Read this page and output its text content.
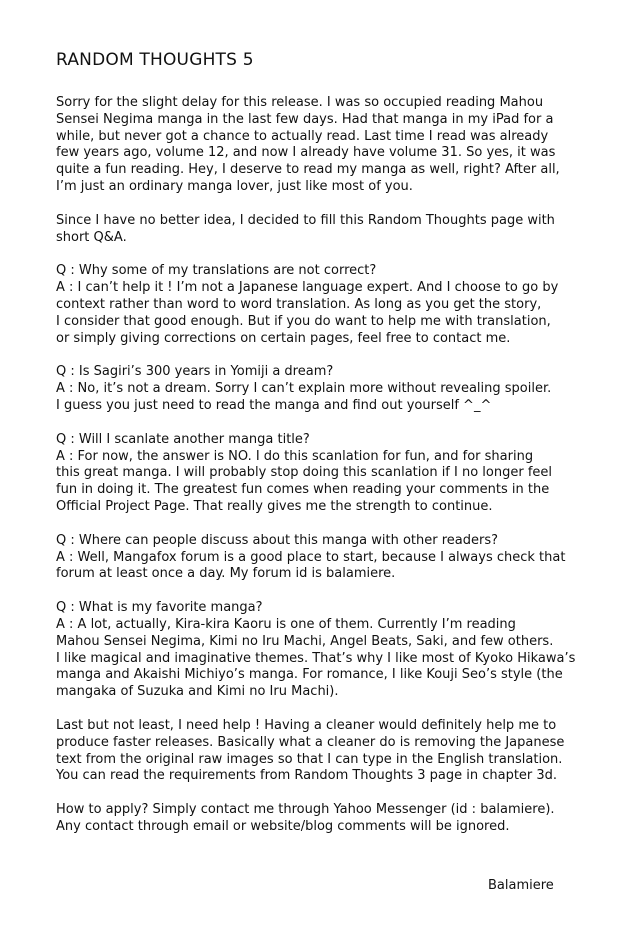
RANDOM THOUGHTS 5

Sorry for the slight delay for this release. I was so occupied reading Mahou
Sensei Negima manga in the last few days. Had that manga in my iPad for a
while, but never got a chance to actually read. Last time I read was already
few years ago, volume 12, and now I already have volume 31. So yes, it was
quite a fun reading. Hey, I deserve to read my manga as well, right? After all,
I’m just an ordinary manga lover, just like most of you.

Since I have no better idea, I decided to fill this Random Thoughts page with
short Q&A.

Q : Why some of my translations are not correct?

A : I can’t help it ! I’m not a Japanese language expert. And I choose to go by
context rather than word to word translation. As long as you get the story,
I consider that good enough. But if you do want to help me with translation,
or simply giving corrections on certain pages, feel free to contact me.

Q : Is Sagiri’s 300 years in Yomiji a dream?

A : No, it’s not a dream. Sorry I can’t explain more without revealing spoiler.
I guess you just need to read the manga and find out yourself ^_^

Q : Will I scanlate another manga title?

A : For now, the answer is NO. I do this scanlation for fun, and for sharing
this great manga. I will probably stop doing this scanlation if I no longer feel
fun in doing it. The greatest fun comes when reading your comments in the
Official Project Page. That really gives me the strength to continue.

Q : Where can people discuss about this manga with other readers?

A : Well, Mangafox forum is a good place to start, because I always check that
forum at least once a day. My forum id is balamiere.

Q : What is my favorite manga?

A : A lot, actually, Kira-kira Kaoru is one of them. Currently I’m reading
Mahou Sensei Negima, Kimi no Iru Machi, Angel Beats, Saki, and few others.
I like magical and imaginative themes. That’s why I like most of Kyoko Hikawa’s
manga and Akaishi Michiyo’s manga. For romance, I like Kouji Seo’s style (the
mangaka of Suzuka and Kimi no Iru Machi).

Last but not least, I need help ! Having a cleaner would definitely help me to
produce faster releases. Basically what a cleaner do is removing the Japanese
text from the original raw images so that I can type in the English translation.
You can read the requirements from Random Thoughts 3 page in chapter 3d.

How to apply? Simply contact me through Yahoo Messenger (id : balamiere).
Any contact through email or website/blog comments will be ignored.

Balamiere
